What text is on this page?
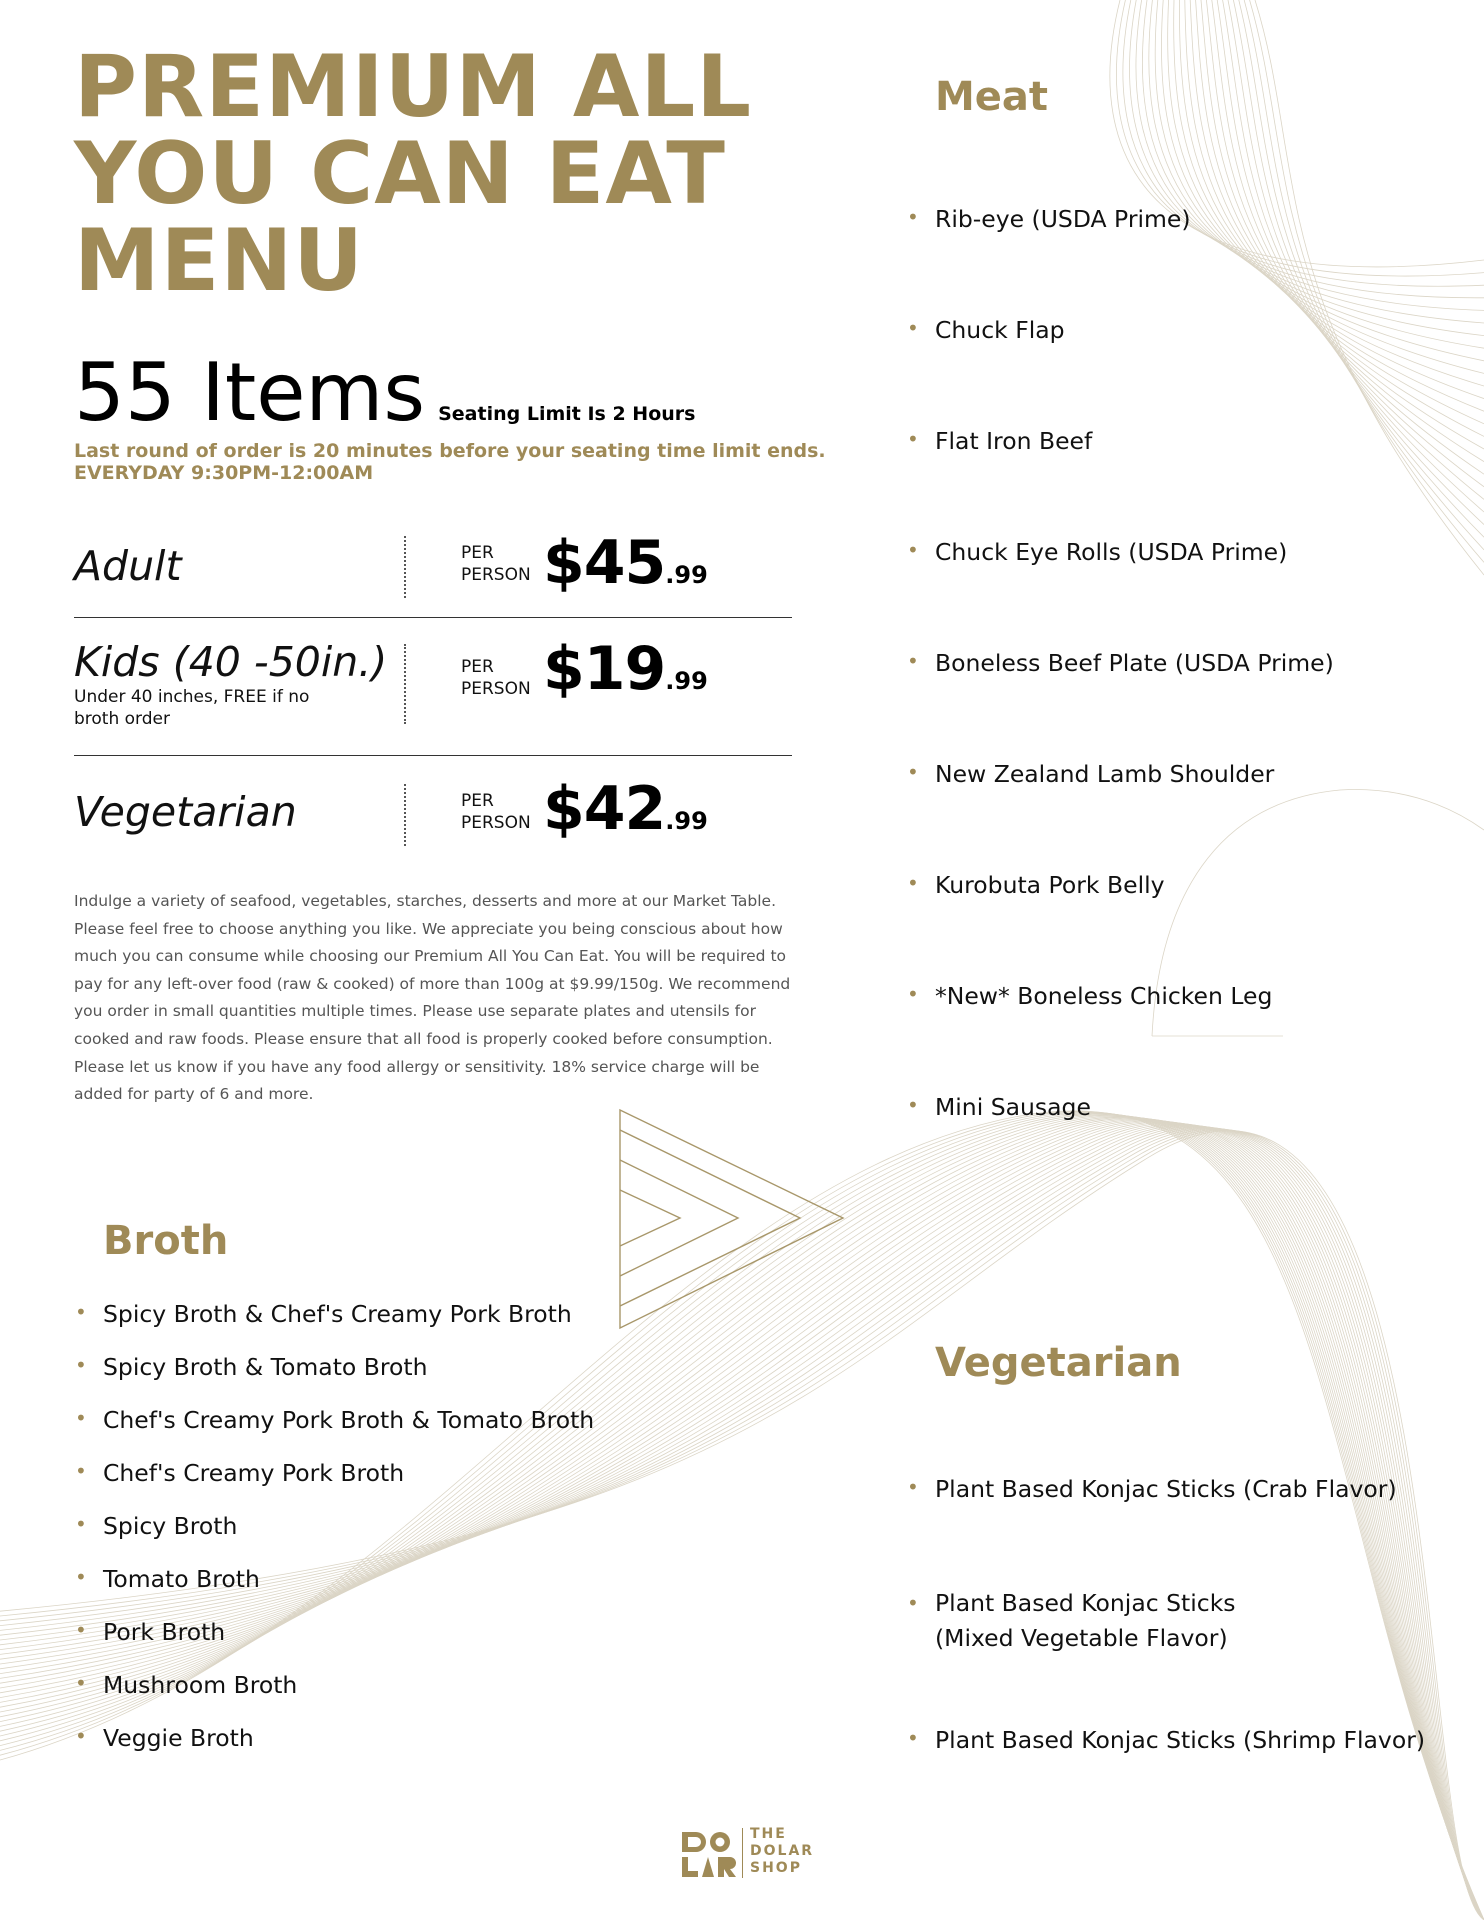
PREMIUM ALL
YOU CAN EAT
MENU
55 Items Seating Limit Is 2 Hours
Last round of order is 20 minutes before your seating time limit ends.
EVERYDAY 9:30PM-12:00AM
Adult	PER
PERSON $45.99
Kids (40 -50in.)
Under 40 inches, FREE if no broth order
PER
PERSON $19.99
Vegetarian	PER
PERSON $42.99
Indulge a variety of seafood, vegetables, starches, desserts and more at our Market Table. Please feel free to choose anything you like. We appreciate you being conscious about how much you can consume while choosing our Premium All You Can Eat. You will be required to pay for any left-over food (raw & cooked) of more than 100g at $9.99/150g. We recommend you order in small quantities multiple times. Please use separate plates and utensils for cooked and raw foods. Please ensure that all food is properly cooked before consumption. Please let us know if you have any food allergy or sensitivity. 18% service charge will be added for party of 6 and more.
Broth
• Spicy Broth & Chef's Creamy Pork Broth
• Spicy Broth & Tomato Broth
• Chef's Creamy Pork Broth & Tomato Broth
• Chef's Creamy Pork Broth
• Spicy Broth
• Tomato Broth
• Pork Broth
• Mushroom Broth
• Veggie Broth
Meat
• Rib-eye (USDA Prime)
• Chuck Flap
• Flat Iron Beef
• Chuck Eye Rolls (USDA Prime)
• Boneless Beef Plate (USDA Prime)
• New Zealand Lamb Shoulder
• Kurobuta Pork Belly
• *New* Boneless Chicken Leg
• Mini Sausage
Vegetarian
• Plant Based Konjac Sticks (Crab Flavor)
• Plant Based Konjac Sticks
(Mixed Vegetable Flavor)
• Plant Based Konjac Sticks (Shrimp Flavor)
DO LAR	THE
DOLAR
SHOP
